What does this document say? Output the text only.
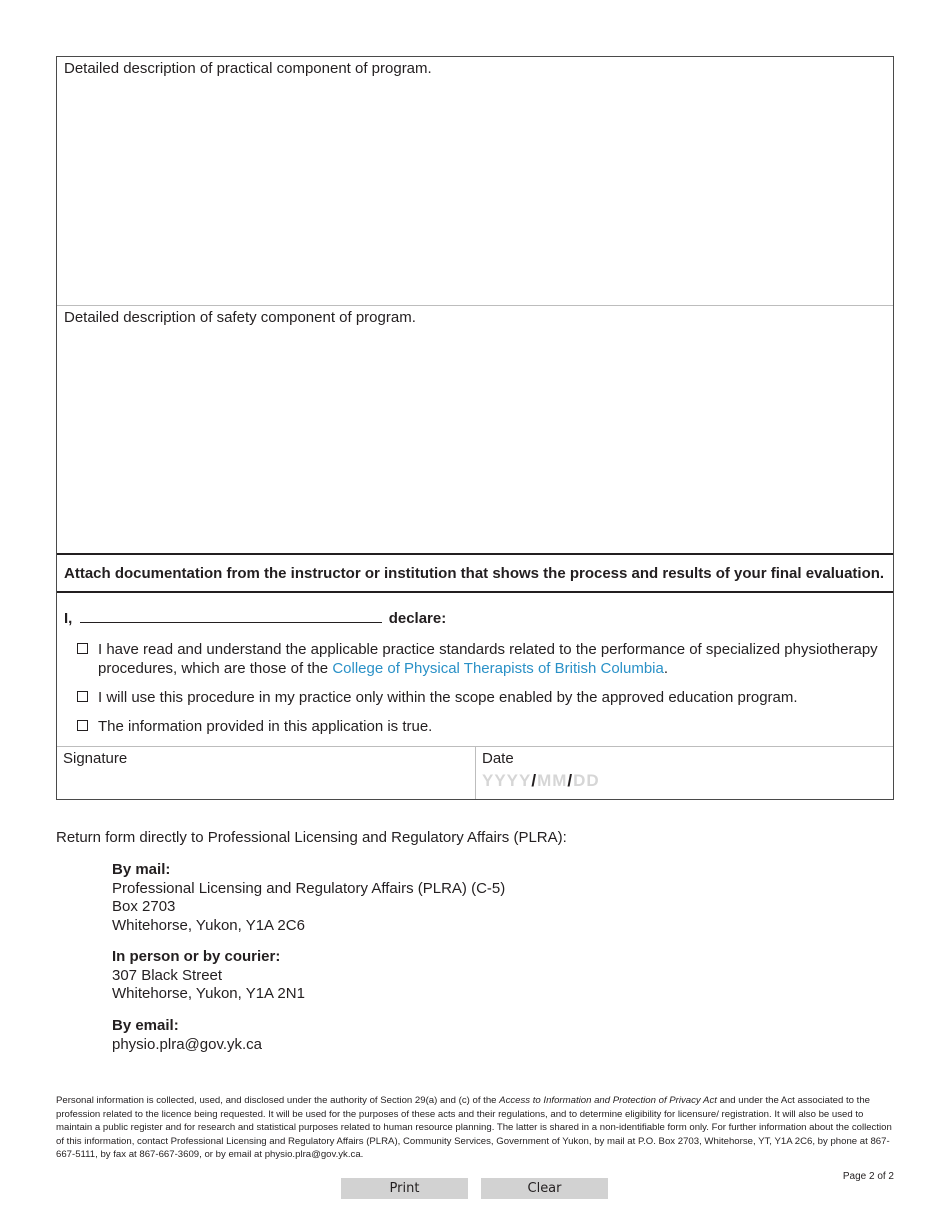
Detailed description of practical component of program.
Detailed description of safety component of program.
Attach documentation from the instructor or institution that shows the process and results of your final evaluation.
I,	declare:
I have read and understand the applicable practice standards related to the performance of specialized physiotherapy procedures, which are those of the College of Physical Therapists of British Columbia.
I will use this procedure in my practice only within the scope enabled by the approved education program.
The information provided in this application is true.
Signature	Date
YYYY/MM/DD
Return form directly to Professional Licensing and Regulatory Affairs (PLRA):
By mail:
Professional Licensing and Regulatory Affairs (PLRA) (C-5)
Box 2703
Whitehorse, Yukon, Y1A 2C6
In person or by courier:
307 Black Street
Whitehorse, Yukon, Y1A 2N1
By email:
physio.plra@gov.yk.ca
Personal information is collected, used, and disclosed under the authority of Section 29(a) and (c) of the Access to Information and Protection of Privacy Act and under the Act associated to the profession related to the licence being requested. It will be used for the purposes of these acts and their regulations, and to determine eligibility for licensure/ registration. It will also be used to maintain a public register and for research and statistical purposes related to human resource planning. The latter is shared in a non-identifiable form only. For further information about the collection of this information, contact Professional Licensing and Regulatory Affairs (PLRA), Community Services, Government of Yukon, by mail at P.O. Box 2703, Whitehorse, YT, Y1A 2C6, by phone at 867-667-5111, by fax at 867-667-3609, or by email at physio.plra@gov.yk.ca.
Page 2 of 2
Print	Clear
